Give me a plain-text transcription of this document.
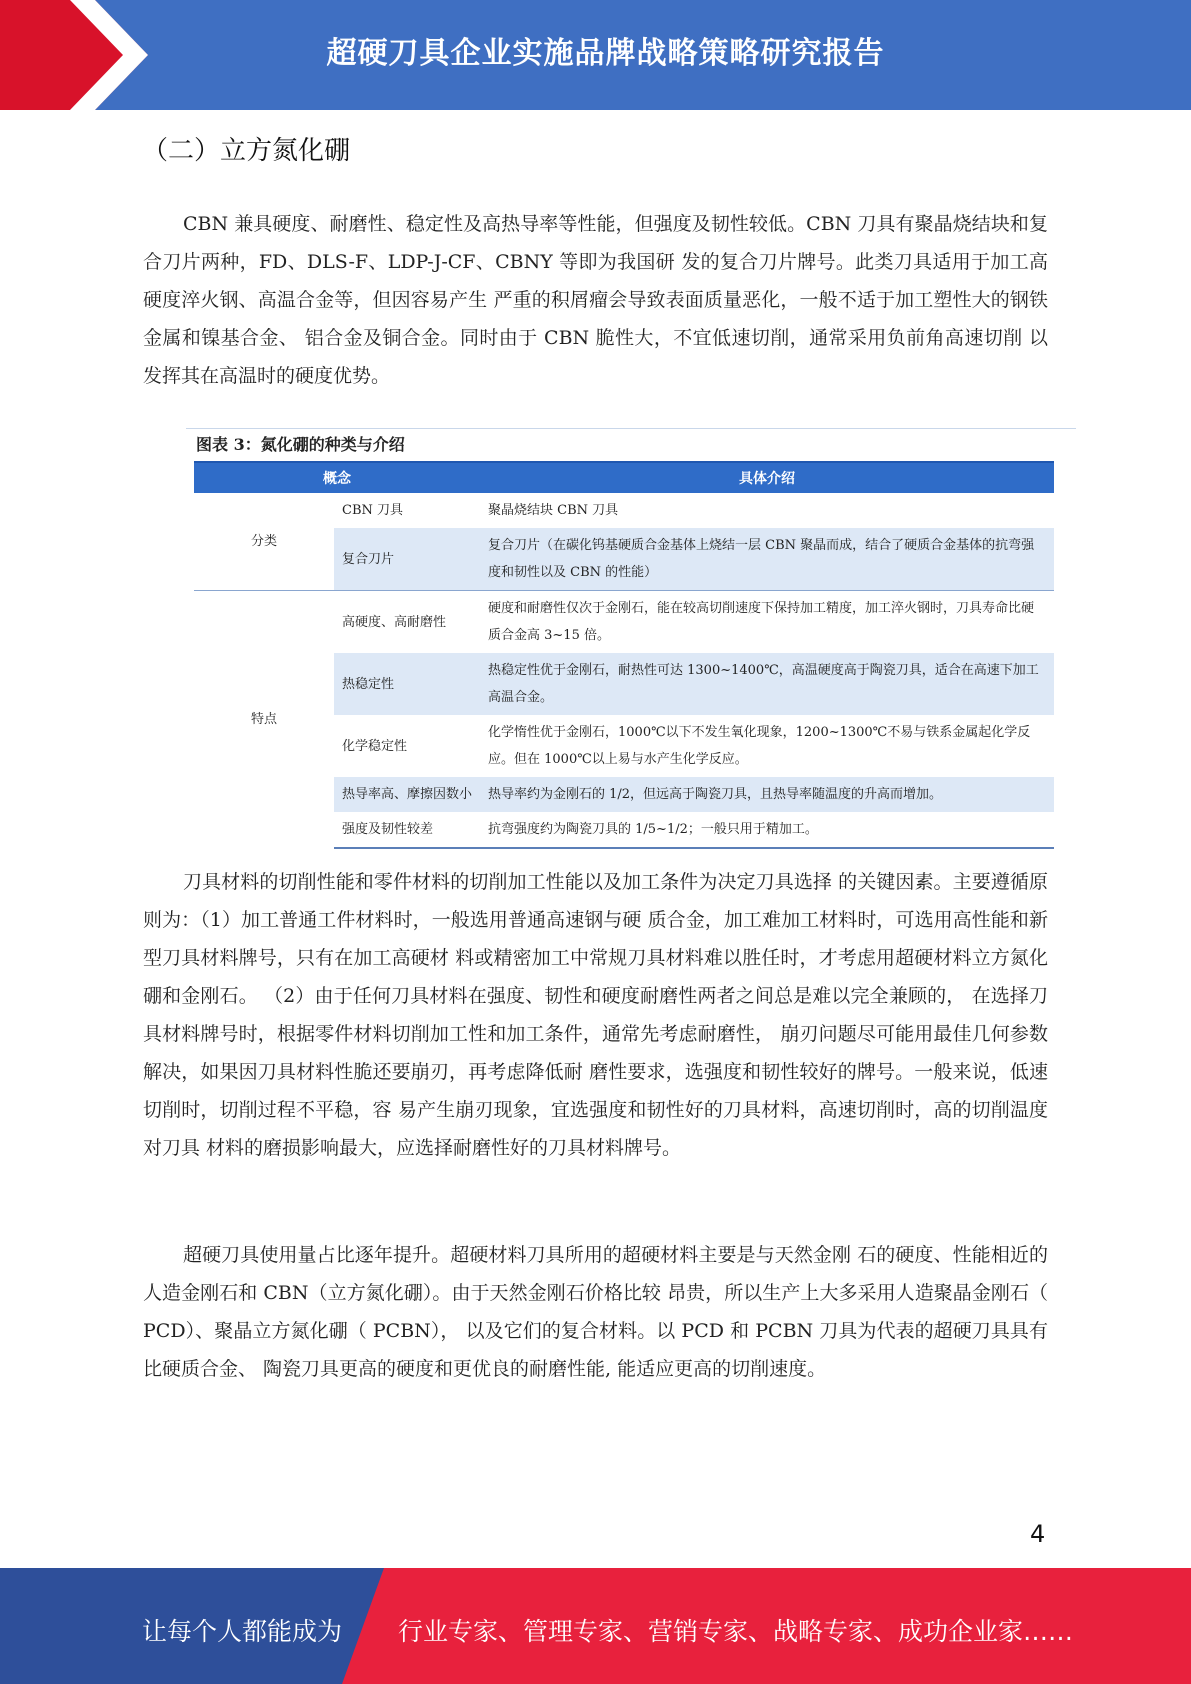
超硬刀具企业实施品牌战略策略研究报告
（二）立方氮化硼

CBN 兼具硬度、耐磨性、稳定性及高热导率等性能，但强度及韧性较低。CBN 刀具有聚晶烧结块和复合刀片两种，FD、DLS-F、LDP-J-CF、CBNY 等即为我国研 发的复合刀片牌号。此类刀具适用于加工高硬度淬火钢、高温合金等，但因容易产生 严重的积屑瘤会导致表面质量恶化，一般不适于加工塑性大的钢铁金属和镍基合金、 铝合金及铜合金。同时由于 CBN 脆性大，不宜低速切削，通常采用负前角高速切削 以发挥其在高温时的硬度优势。

图表 3：氮化硼的种类与介绍
概念		具体介绍
分类	CBN 刀具	聚晶烧结块 CBN 刀具
	复合刀片	复合刀片（在碳化钨基硬质合金基体上烧结一层 CBN 聚晶而成，结合了硬质合金基体的抗弯强度和韧性以及 CBN 的性能）
特点	高硬度、高耐磨性	硬度和耐磨性仅次于金刚石，能在较高切削速度下保持加工精度，加工淬火钢时，刀具寿命比硬质合金高 3~15 倍。
	热稳定性	热稳定性优于金刚石，耐热性可达 1300~1400℃，高温硬度高于陶瓷刀具，适合在高速下加工高温合金。
	化学稳定性	化学惰性优于金刚石，1000℃以下不发生氧化现象，1200~1300℃不易与铁系金属起化学反应。但在 1000℃以上易与水产生化学反应。
	热导率高、摩擦因数小	热导率约为金刚石的 1/2，但远高于陶瓷刀具，且热导率随温度的升高而增加。
	强度及韧性较差	抗弯强度约为陶瓷刀具的 1/5~1/2；一般只用于精加工。

刀具材料的切削性能和零件材料的切削加工性能以及加工条件为决定刀具选择 的关键因素。主要遵循原则为：（1）加工普通工件材料时，一般选用普通高速钢与硬 质合金，加工难加工材料时，可选用高性能和新型刀具材料牌号，只有在加工高硬材 料或精密加工中常规刀具材料难以胜任时，才考虑用超硬材料立方氮化硼和金刚石。 （2）由于任何刀具材料在强度、韧性和硬度耐磨性两者之间总是难以完全兼顾的， 在选择刀具材料牌号时，根据零件材料切削加工性和加工条件，通常先考虑耐磨性， 崩刃问题尽可能用最佳几何参数解决，如果因刀具材料性脆还要崩刃，再考虑降低耐 磨性要求，选强度和韧性较好的牌号。一般来说，低速切削时，切削过程不平稳，容 易产生崩刃现象，宜选强度和韧性好的刀具材料，高速切削时，高的切削温度对刀具 材料的磨损影响最大，应选择耐磨性好的刀具材料牌号。

超硬刀具使用量占比逐年提升。超硬材料刀具所用的超硬材料主要是与天然金刚 石的硬度、性能相近的人造金刚石和 CBN（立方氮化硼）。由于天然金刚石价格比较 昂贵，所以生产上大多采用人造聚晶金刚石（ PCD）、聚晶立方氮化硼（ PCBN）， 以及它们的复合材料。以 PCD 和 PCBN 刀具为代表的超硬刀具具有比硬质合金、 陶瓷刀具更高的硬度和更优良的耐磨性能, 能适应更高的切削速度。

4
让每个人都能成为 行业专家、管理专家、营销专家、战略专家、成功企业家……
